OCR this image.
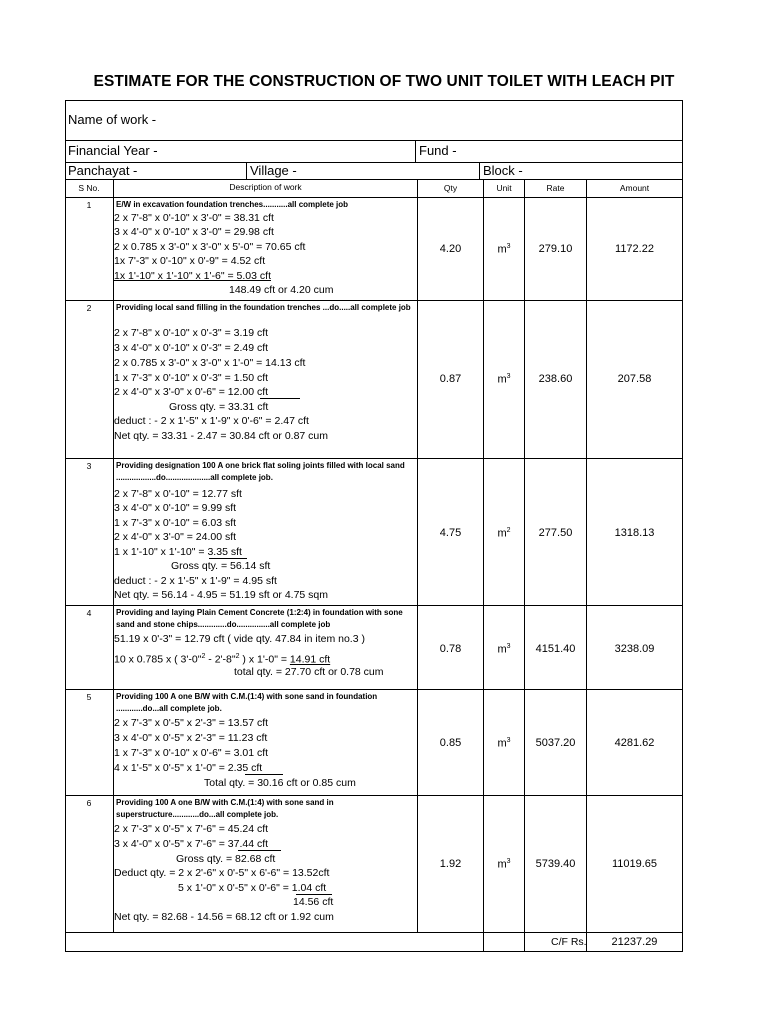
ESTIMATE FOR THE CONSTRUCTION OF TWO UNIT TOILET WITH LEACH PIT
Name of work -
Financial Year -	Fund -
Panchayat -	Village -	Block -
S No.	Description of work	Qty	Unit	Rate	Amount
1	E/W in excavation foundation trenches...........all complete job
2 x 7'-8" x 0'-10" x 3'-0" = 38.31 cft
3 x 4'-0" x 0'-10" x 3'-0" = 29.98 cft
2 x 0.785 x 3'-0" x 3'-0" x 5'-0" = 70.65 cft
1x 7'-3" x 0'-10" x 0'-9" = 4.52 cft
1x 1'-10" x 1'-10" x 1'-6" = 5.03 cft
148.49 cft or 4.20 cum
4.20	$m^3$	279.10	1172.22
2	Providing local sand filling in the foundation trenches ...do.....all complete job
2 x 7'-8" x 0'-10" x 0'-3" = 3.19 cft
3 x 4'-0" x 0'-10" x 0'-3" = 2.49 cft
2 x 0.785 x 3'-0" x 3'-0" x 1'-0" = 14.13 cft
1 x 7'-3" x 0'-10" x 0'-3" = 1.50 cft
2 x 4'-0" x 3'-0" x 0'-6" = 12.00 cft
Gross qty. = 33.31 cft
deduct : - 2 x 1'-5" x 1'-9" x 0'-6" = 2.47 cft
Net qty. = 33.31 - 2.47 = 30.84 cft or 0.87 cum
0.87	$m^3$	238.60	207.58
3	Providing designation 100 A one brick flat soling joints filled with local sand ..................do....................all complete job.
2 x 7'-8" x 0'-10" = 12.77 sft
3 x 4'-0" x 0'-10" = 9.99 sft
1 x 7'-3" x 0'-10" = 6.03 sft
2 x 4'-0" x 3'-0" = 24.00 sft
1 x 1'-10" x 1'-10" = 3.35 sft
Gross qty. = 56.14 sft
deduct : - 2 x 1'-5" x 1'-9" = 4.95 sft
Net qty. = 56.14 - 4.95 = 51.19 sft or 4.75 sqm
4.75	$m^2$	277.50	1318.13
4	Providing and laying Plain Cement Concrete (1:2:4) in foundation with sone sand and stone chips.............do...............all complete job
51.19 x 0'-3" = 12.79 cft ( vide qty. 47.84 in item no.3 )
10 x 0.785 x ( 3'-0"$^2$ - 2'-8"$^2$ ) x 1'-0" = 14.91 cft
total qty. = 27.70 cft or 0.78 cum
0.78	$m^3$	4151.40	3238.09
5	Providing 100 A one B/W with C.M.(1:4) with sone sand in foundation ............do...all complete job.
2 x 7'-3" x 0'-5" x 2'-3" = 13.57 cft
3 x 4'-0" x 0'-5" x 2'-3" = 11.23 cft
1 x 7'-3" x 0'-10" x 0'-6" = 3.01 cft
4 x 1'-5" x 0'-5" x 1'-0" = 2.35 cft
Total qty. = 30.16 cft or 0.85 cum
0.85	$m^3$	5037.20	4281.62
6	Providing 100 A one B/W with C.M.(1:4) with sone sand in superstructure............do...all complete job.
2 x 7'-3" x 0'-5" x 7'-6" = 45.24 cft
3 x 4'-0" x 0'-5" x 7'-6" = 37.44 cft
Gross qty. = 82.68 cft
Deduct qty. = 2 x 2'-6" x 0'-5" x 6'-6" = 13.52cft
5 x 1'-0" x 0'-5" x 0'-6" = 1.04 cft
14.56 cft
Net qty. = 82.68 - 14.56 = 68.12 cft or 1.92 cum
1.92	$m^3$	5739.40	11019.65
C/F Rs.	21237.29
